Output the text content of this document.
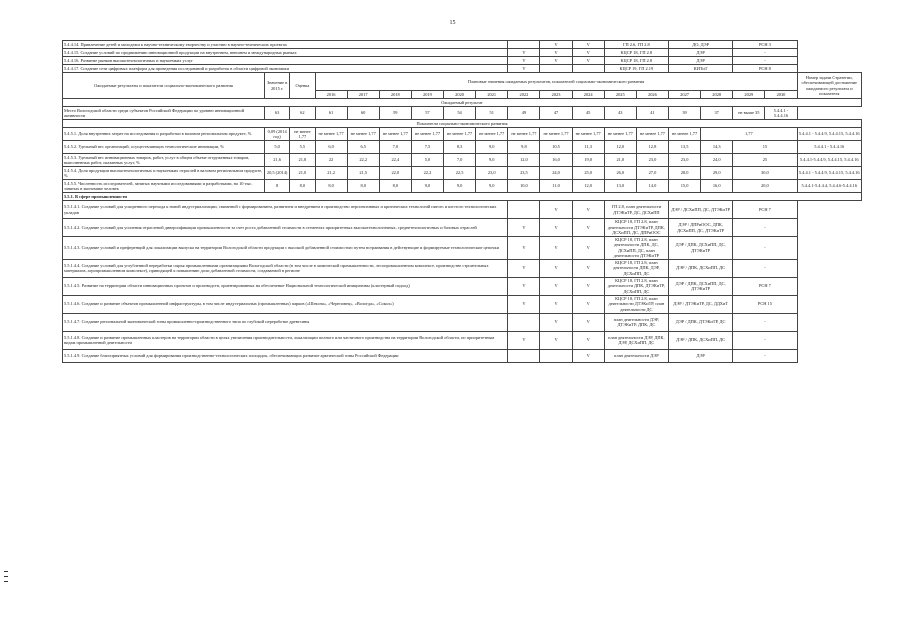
15
5.4.4.14. Привлечение детей и молодежи к научно-техническому творчеству и участию в научно-технических проектах										V	V	ГП 2.6, ГП 2.8		ДО, ДЭР		РСН 3		
5.4.4.15. Создание условий по продвижению инновационной продукции на внутреннем, внешнем и международных рынках									V	V	V	КЦСР 18, ГП 2.8		ДЭР		-		
5.4.4.16. Развитие рынков высокотехнологичных и наукоемких услуг									V	V	V	КЦСР 18, ГП 2.8		ДЭР		-		
5.4.4.17. Создание сети цифровых платформ для проведения исследований и разработок в области цифровой экономики									V			КЦСР 19, ГП 2.19		КИТиТ		РСН 8		
Ожидаемые результаты и показатели социально-экономического развития	Значение в 2015 г.	Оценка	Плановые значения ожидаемых результатов, показателей социально-экономического развития															Номер задачи Стратегии, обеспечивающей достижение ожидаемого результата и показателя
			2016	2017	2018	2019	2020	2021	2022	2023	2024	2025	2026	2027	2028	2029	2030	
Ожидаемый результат																		
Место Вологодской области среди субъектов Российской Федерации по уровню инновационной активности	63	62	61	60	59	57	54	51	49	47	45	43	41	39	37	не выше 35	5.4.4.1 - 5.4.4.16	
Показатели социально-экономического развития																		
5.4.5.1. Доля внутренних затрат на исследования и разработки в валовом региональном продукте, %	0,09 (2014 год)	не менее 1,77	не менее 1,77	не менее 1,77	не менее 1,77	не менее 1,77	не менее 1,77	не менее 1,77	не менее 1,77	не менее 1,77	не менее 1,77	не менее 1,77	не менее 1,77	не менее 1,77	1,77			5.4.4.1 - 5.4.4.9, 5.4.4.15, 5.4.4.16
5.4.5.2. Удельный вес организаций, осуществляющих технологические инновации, %	5,0	5,5	6,0	6,5	7,0	7,5	8,3	9,0	9,8	10,5	11,3	12,0	12,8	13,5	14,3	15		5.4.4.1 - 5.4.4.16
5.4.5.3. Удельный вес инновационных товаров, работ, услуг в общем объеме отгруженных товаров, выполненных работ, оказанных услуг, %	21,6	21,8	22	22,2	22,4	5,0	7,0	9,0	12,0	16,0	19,0	21,0	23,0	23,0	24,0	25		5.4.4.1-5.4.4.9, 5.4.4.15, 5.4.4.16
5.4.5.4. Доля продукции высокотехнологичных и наукоемких отраслей в валовом региональном продукте, %	20,5 (2014)	21,0	21,2	21,5	22,0	22,2	22,5	23,0	23,5	24,0	25,0	26,0	27,0	28,0	29,0	30,0		5.4.4.1 - 5.4.4.9, 5.4.4.15, 5.4.4.16
5.4.5.5. Численность исследователей, занятых научными исследованиями и разработками, на 10 тыс. занятых в экономике человек	8	8,0	8,0	8,0	8,0	9,0	9,0	9,0	10,0	11,0	12,0	13,0	14,0	15,0	16,0	20,0		5.4.4.1-5.4.4.4, 5.4.4.6-5.4.4.16
5.5.1. В сфере промышленности																		
5.5.1.4.1. Создание условий для ускоренного перехода к новой индустриализации, связанной с формированием, развитием и внедрением в производство перспективных и критических технологий пятого и шестого технологических укладов										V	V	ГП 2.8, план деятельности ДТЭКиТР, ДС, ДСХиПП		ДЭР / ДСХиПП, ДС, ДТЭКиТР		РСН 7		
5.5.1.4.2. Создание условий для усиления отраслевой диверсификации промышленности за счет роста добавленной стоимости в сегментах приоритетных высокотехнологичных, среднетехнологичных и базовых отраслей									V	V	V	КЦСР 18, ГП 2.8, план деятельности ДТЭКиТР, ДПК, ДСХиПП, ДС, ДПРиООС		ДЭР / ДПРиООС, ДПК, ДСХиПП, ДС, ДТЭКиТР		-		
5.5.1.4.3. Создание условий и преференций для локализации выпуска на территории Вологодской области продукции с высокой добавленной стоимостью путем встраивания в действующие и формируемые технологические цепочки									V	V	V	КЦСР 18, ГП 2.8, план деятельности ДПК, ДС, ДСХиПП, ДС, план деятельности ДТЭКиТР		ДЭР / ДПК, ДСХиПП, ДС, ДТЭКиТР		-		
5.5.1.4.4. Создание условий для углубленной переработки сырья промышленными организациями Вологодской области (в том числе в химической промышленности, лесопромышленном комплексе, производстве строительных материалов, агропромышленном комплексе), приводящей к повышению доли добавленной стоимости, создаваемой в регионе									V	V	V	КЦСР 18, ГП 2.8, план деятельности ДПК, ДЭР, ДСХиПП, ДС		ДЭР / ДПК, ДСХиПП, ДС		-		
5.5.1.4.5. Развитие на территории области инновационных проектов и производств, ориентированных на обеспечение Национальной технологической инициативы (кластерный подход)									V	V	V	КЦСР 18, ГП 2.8, план деятельности ДПК, ДТЭКиТР, ДСХиПП, ДС		ДЭР / ДПК, ДСХиПП, ДС, ДТЭКиТР		РСН 7		
5.5.1.4.6. Создание и развитие объектов промышленной инфраструктуры, в том числе индустриальных (промышленных) парков («Шексна», «Череповец», «Вологда», «Сокол»)									V	V	V	КЦСР 18, ГП 2.8, план деятельности ДТЭКиТР, план деятельности ДС		ДЭР / ДТЭКиТР, ДС, ДДХиТ		РСН 15		
5.5.1.4.7. Создание региональной экономической зоны промышленно-производственного типа по глубокой переработке древесины										V	V	план деятельности ДЭР, ДТЭКиТР, ДПК, ДС		ДЭР / ДПК, ДТЭКиТР, ДС		-		
5.5.1.4.8. Создание и развитие промышленных кластеров на территории области в целях увеличения производительности, локализации полного или частичного производства на территории Вологодской области, по приоритетным видам промышленной деятельности									V	V	V	план деятельности ДЭР, ДПК, ДЭР, ДСХиПП, ДС		ДЭР / ДПК, ДСХиПП, ДС		-		
5.5.1.4.9. Создание благоприятных условий для формирования производственно-технологических площадок, обеспечивающих развитие арктической зоны Российской Федерации											V	план деятельности ДЭР		ДЭР		-		
